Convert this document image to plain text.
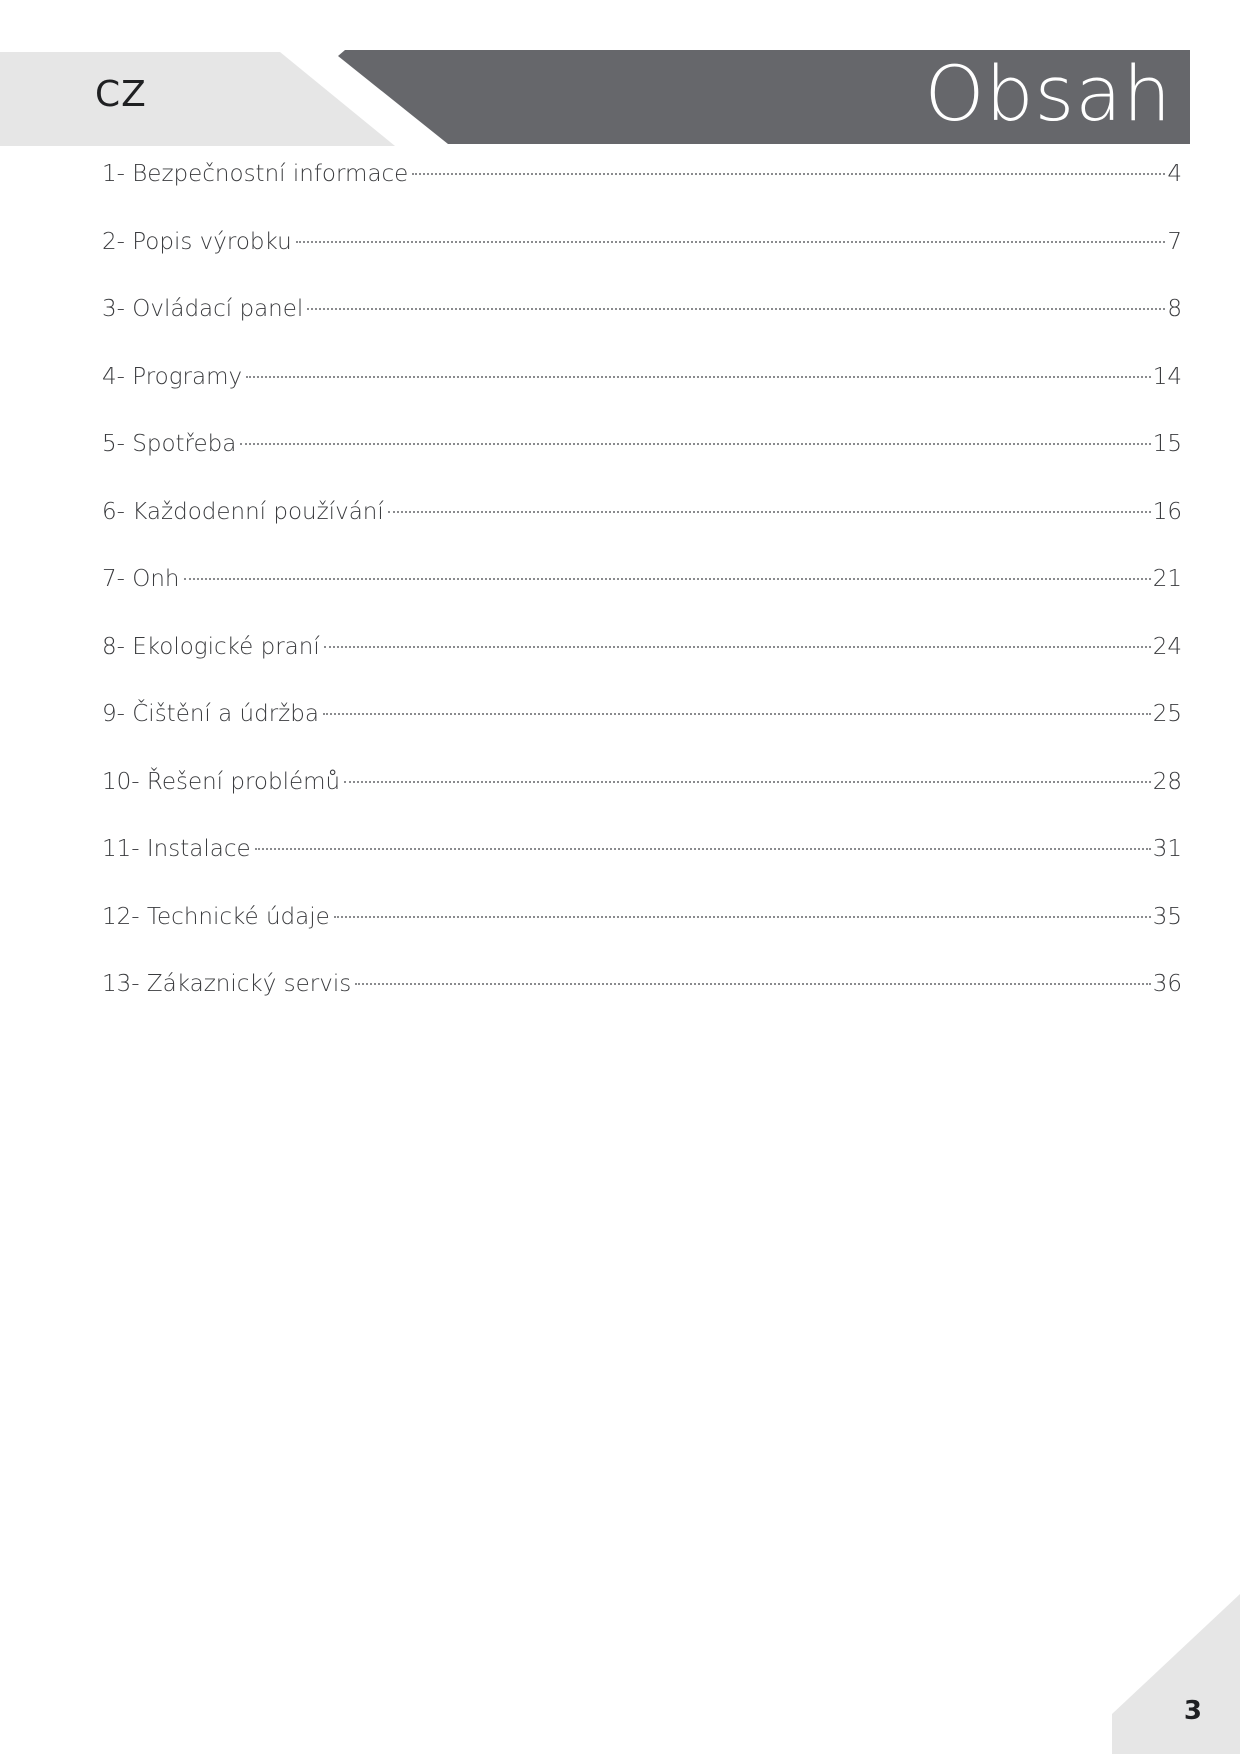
CZ	Obsah
1- Bezpečnostní informace	4
2- Popis výrobku	7
3- Ovládací panel	8
4- Programy	14
5- Spotřeba	15
6- Každodenní používání	16
7- Onh	21
8- Ekologické praní	24
9- Čištění a údržba	25
10- Řešení problémů	28
11- Instalace	31
12- Technické údaje	35
13- Zákaznický servis	36
3
